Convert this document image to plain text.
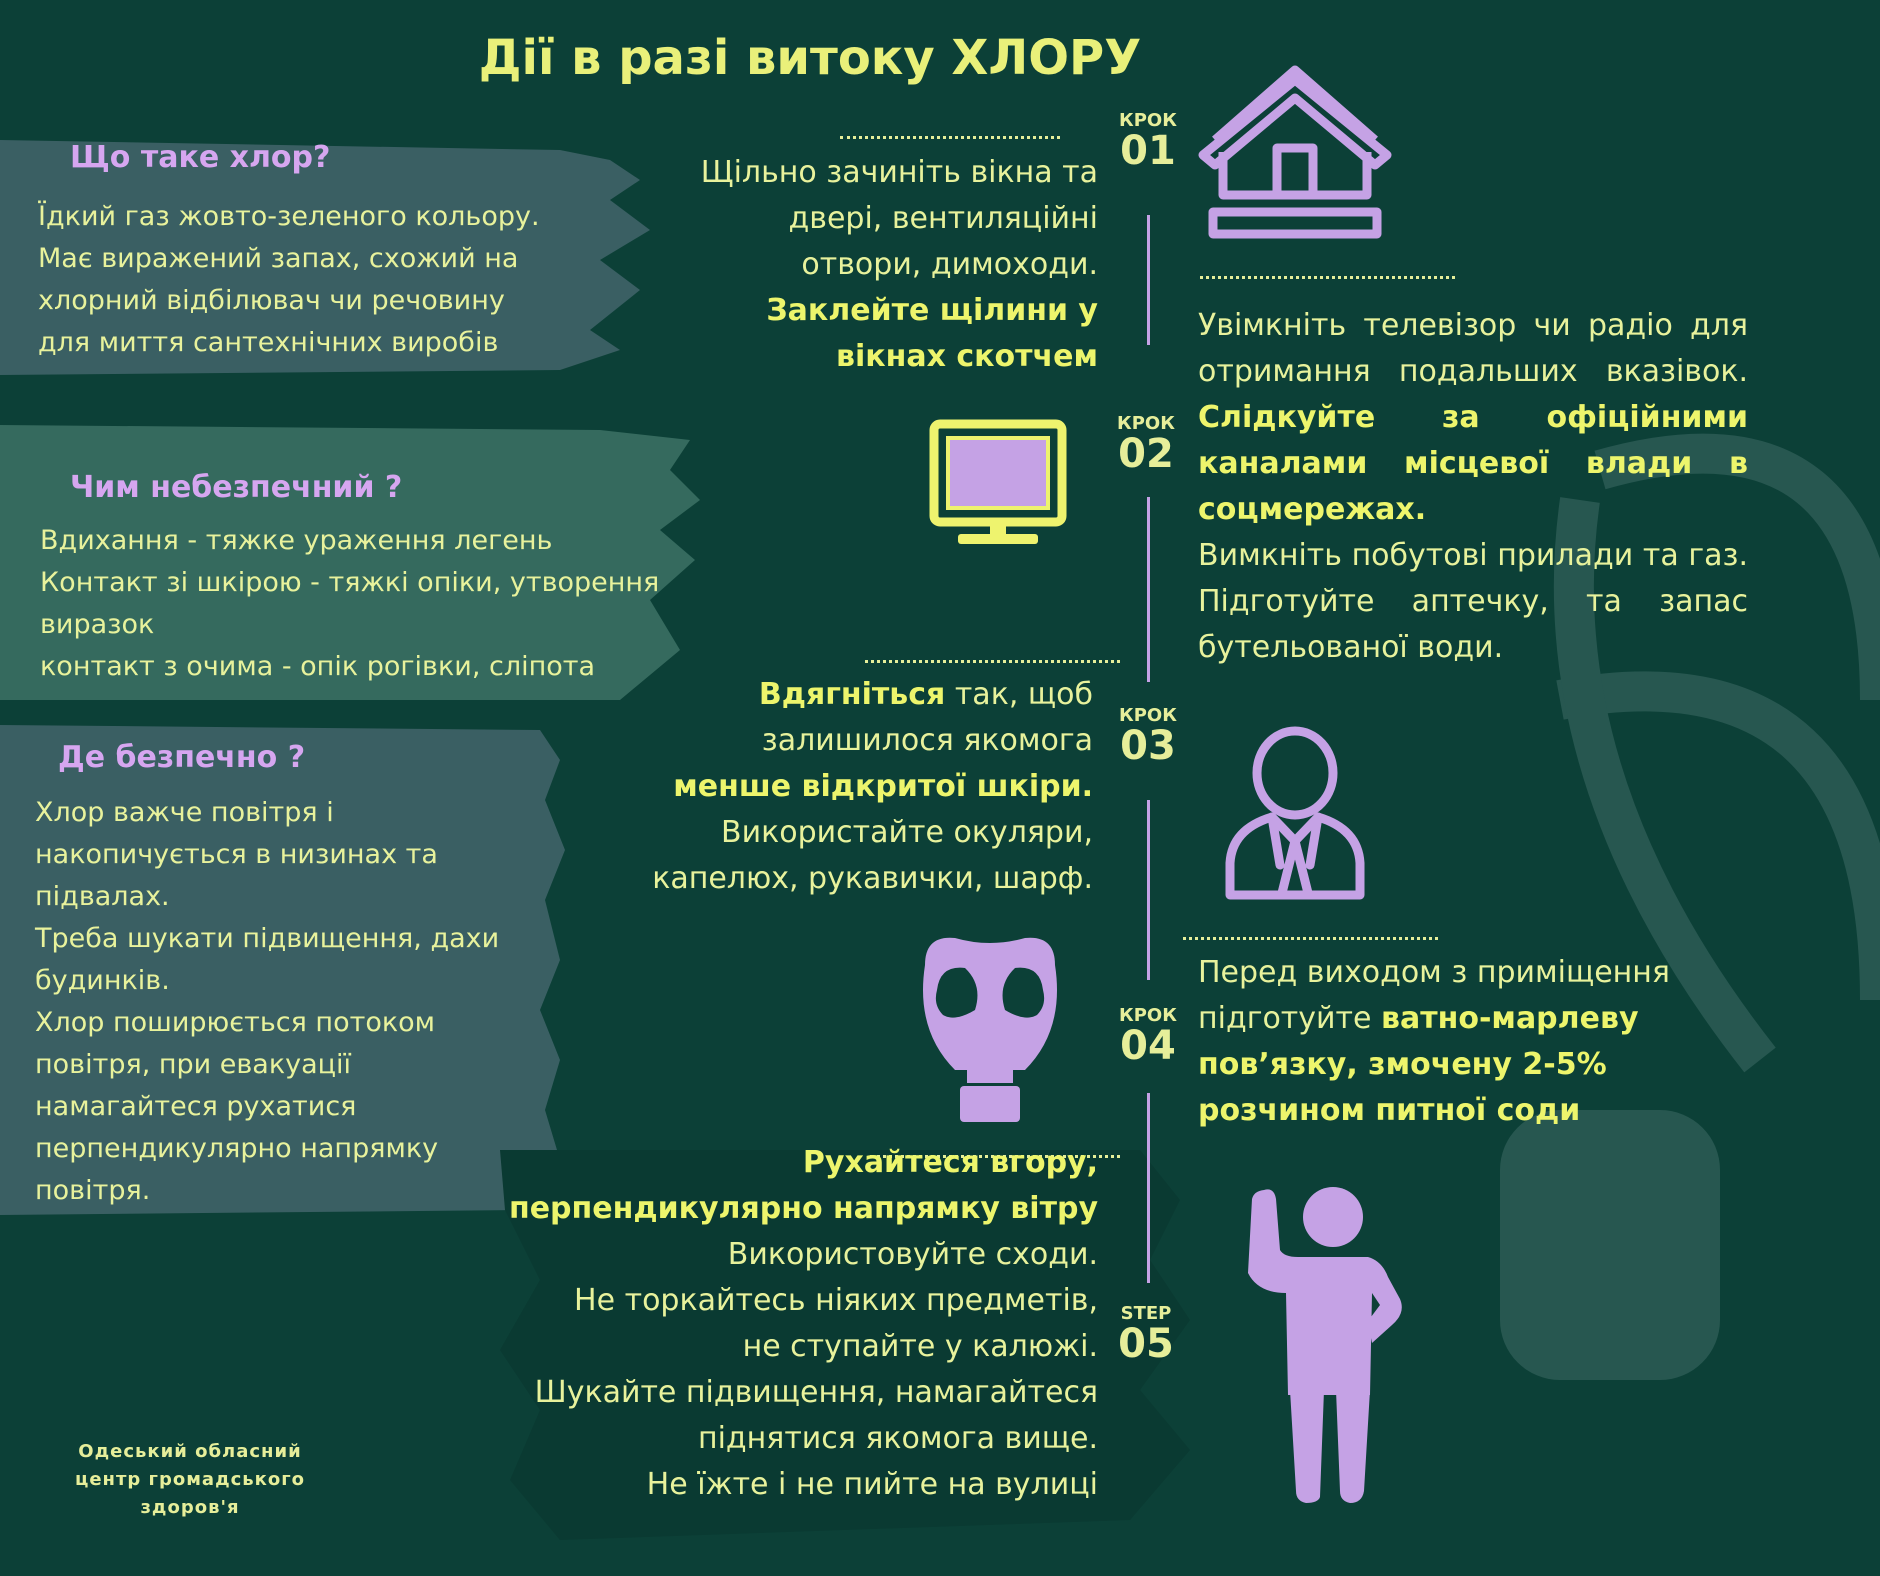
Дії в разі витоку ХЛОРУ
Що таке хлор?
Їдкий газ жовто-зеленого кольору.
Має виражений запах, схожий на
хлорний відбілювач чи речовину
для миття сантехнічних виробів
Чим небезпечний ?
Вдихання - тяжке ураження легень
Контакт зі шкірою - тяжкі опіки, утворення
виразок
контакт з очима - опік рогівки, сліпота
Де безпечно ?
Хлор важче повітря і
накопичується в низинах та
підвалах.
Треба шукати підвищення, дахи
будинків.
Хлор поширюється потоком
повітря, при евакуації
намагайтеся рухатися
перпендикулярно напрямку
повітря.
Одеський обласний
центр громадського
здоров'я
КРОК
01
КРОК
02
КРОК
03
КРОК
04
STEP
05
Щільно зачиніть вікна та
двері, вентиляційні
отвори, димоходи.
Заклейте щілини у
вікнах скотчем
Увімкніть телевізор чи радіо для отримання подальших вказівок. Слідкуйте за офіційними каналами місцевої влади в соцмережах.
Вимкніть побутові прилади та газ. Підготуйте аптечку, та запас бутельованої води.
Вдягніться так, щоб
залишилося якомога
менше відкритої шкіри.
Використайте окуляри,
капелюх, рукавички, шарф.
Перед виходом з приміщення підготуйте ватно-марлеву пов’язку, змочену 2-5% розчином питної соди
Рухайтеся вгору,
перпендикулярно напрямку вітру
Використовуйте сходи.
Не торкайтесь ніяких предметів,
не ступайте у калюжі.
Шукайте підвищення, намагайтеся
піднятися якомога вище.
Не їжте і не пийте на вулиці
